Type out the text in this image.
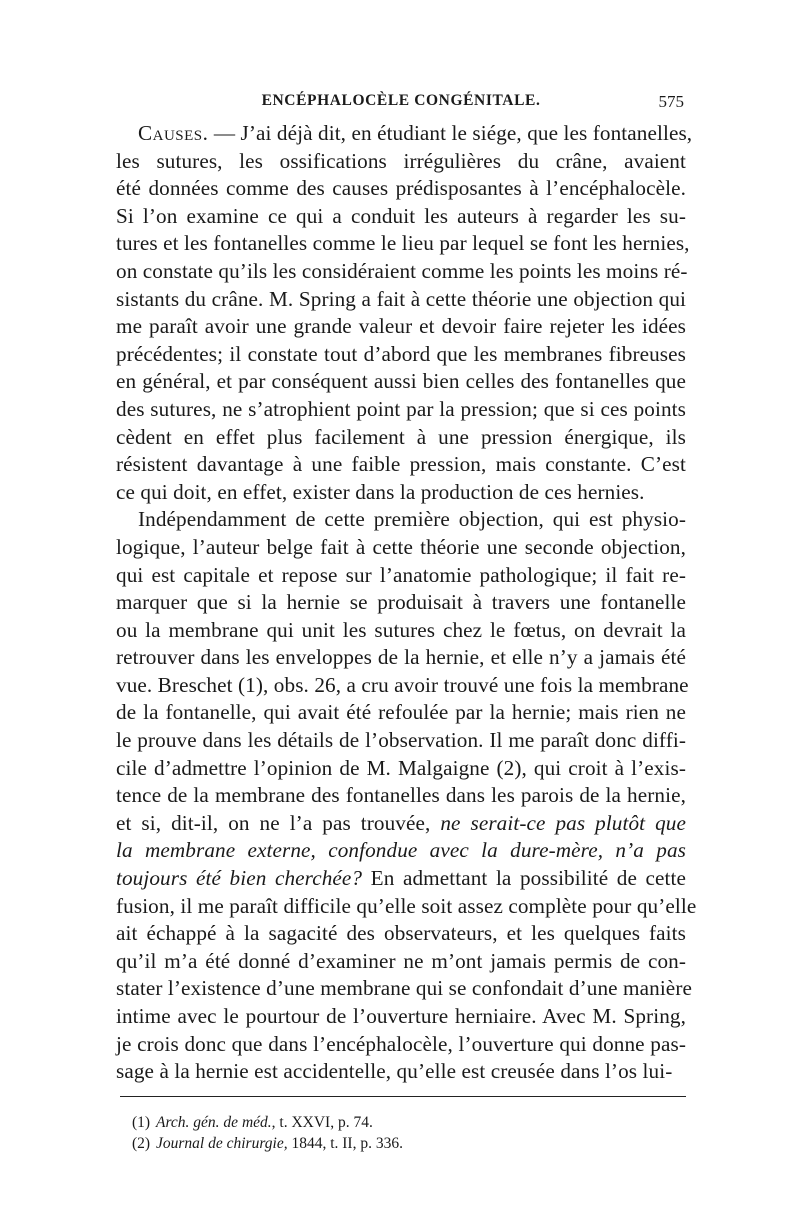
ENCÉPHALOCÈLE CONGÉNITALE.	575
Causes. — J’ai déjà dit, en étudiant le siége, que les fontanelles,
les sutures, les ossifications irrégulières du crâne, avaient
été données comme des causes prédisposantes à l’encéphalocèle.
Si l’on examine ce qui a conduit les auteurs à regarder les su-
tures et les fontanelles comme le lieu par lequel se font les hernies,
on constate qu’ils les considéraient comme les points les moins ré-
sistants du crâne. M. Spring a fait à cette théorie une objection qui
me paraît avoir une grande valeur et devoir faire rejeter les idées
précédentes; il constate tout d’abord que les membranes fibreuses
en général, et par conséquent aussi bien celles des fontanelles que
des sutures, ne s’atrophient point par la pression; que si ces points
cèdent en effet plus facilement à une pression énergique, ils
résistent davantage à une faible pression, mais constante. C’est
ce qui doit, en effet, exister dans la production de ces hernies.
Indépendamment de cette première objection, qui est physio-
logique, l’auteur belge fait à cette théorie une seconde objection,
qui est capitale et repose sur l’anatomie pathologique; il fait re-
marquer que si la hernie se produisait à travers une fontanelle
ou la membrane qui unit les sutures chez le fœtus, on devrait la
retrouver dans les enveloppes de la hernie, et elle n’y a jamais été
vue. Breschet (1), obs. 26, a cru avoir trouvé une fois la membrane
de la fontanelle, qui avait été refoulée par la hernie; mais rien ne
le prouve dans les détails de l’observation. Il me paraît donc diffi-
cile d’admettre l’opinion de M. Malgaigne (2), qui croit à l’exis-
tence de la membrane des fontanelles dans les parois de la hernie,
et si, dit-il, on ne l’a pas trouvée, ne serait-ce pas plutôt que
la membrane externe, confondue avec la dure-mère, n’a pas
toujours été bien cherchée? En admettant la possibilité de cette
fusion, il me paraît difficile qu’elle soit assez complète pour qu’elle
ait échappé à la sagacité des observateurs, et les quelques faits
qu’il m’a été donné d’examiner ne m’ont jamais permis de con-
stater l’existence d’une membrane qui se confondait d’une manière
intime avec le pourtour de l’ouverture herniaire. Avec M. Spring,
je crois donc que dans l’encéphalocèle, l’ouverture qui donne pas-
sage à la hernie est accidentelle, qu’elle est creusée dans l’os lui-
(1) Arch. gén. de méd., t. XXVI, p. 74.
(2) Journal de chirurgie, 1844, t. II, p. 336.
